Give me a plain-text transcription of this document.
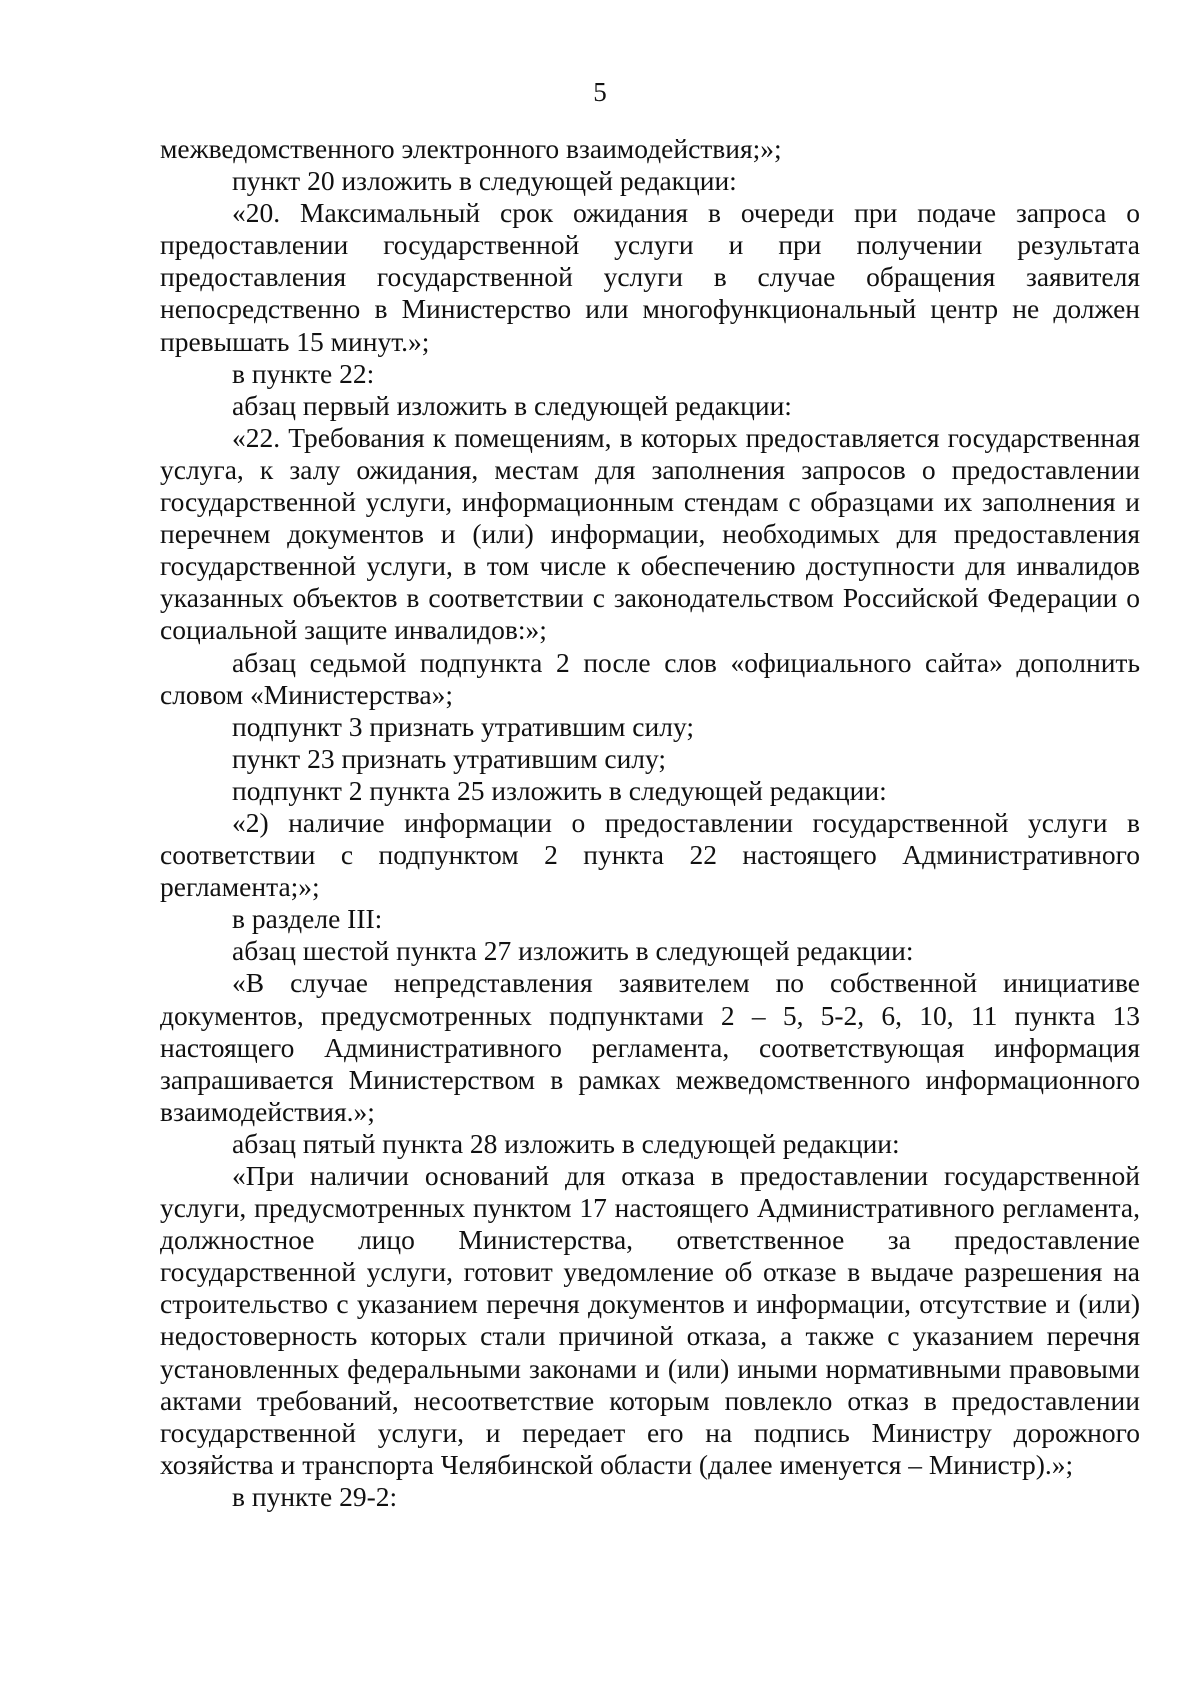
5

межведомственного электронного взаимодействия;»;

пункт 20 изложить в следующей редакции:

«20. Максимальный срок ожидания в очереди при подаче запроса о предоставлении государственной услуги и при получении результата предоставления государственной услуги в случае обращения заявителя непосредственно в Министерство или многофункциональный центр не должен превышать 15 минут.»;

в пункте 22:

абзац первый изложить в следующей редакции:

«22. Требования к помещениям, в которых предоставляется государственная услуга, к залу ожидания, местам для заполнения запросов о предоставлении государственной услуги, информационным стендам с образцами их заполнения и перечнем документов и (или) информации, необходимых для предоставления государственной услуги, в том числе к обеспечению доступности для инвалидов указанных объектов в соответствии с законодательством Российской Федерации о социальной защите инвалидов:»;

абзац седьмой подпункта 2 после слов «официального сайта» дополнить словом «Министерства»;

подпункт 3 признать утратившим силу;

пункт 23 признать утратившим силу;

подпункт 2 пункта 25 изложить в следующей редакции:

«2) наличие информации о предоставлении государственной услуги в соответствии с подпунктом 2 пункта 22 настоящего Административного регламента;»;

в разделе III:

абзац шестой пункта 27 изложить в следующей редакции:

«В случае непредставления заявителем по собственной инициативе документов, предусмотренных подпунктами 2 – 5, 5-2, 6, 10, 11 пункта 13 настоящего Административного регламента, соответствующая информация запрашивается Министерством в рамках межведомственного информационного взаимодействия.»;

абзац пятый пункта 28 изложить в следующей редакции:

«При наличии оснований для отказа в предоставлении государственной услуги, предусмотренных пунктом 17 настоящего Административного регламента, должностное лицо Министерства, ответственное за предоставление государственной услуги, готовит уведомление об отказе в выдаче разрешения на строительство с указанием перечня документов и информации, отсутствие и (или) недостоверность которых стали причиной отказа, а также с указанием перечня установленных федеральными законами и (или) иными нормативными правовыми актами требований, несоответствие которым повлекло отказ в предоставлении государственной услуги, и передает его на подпись Министру дорожного хозяйства и транспорта Челябинской области (далее именуется – Министр).»;

в пункте 29-2:
